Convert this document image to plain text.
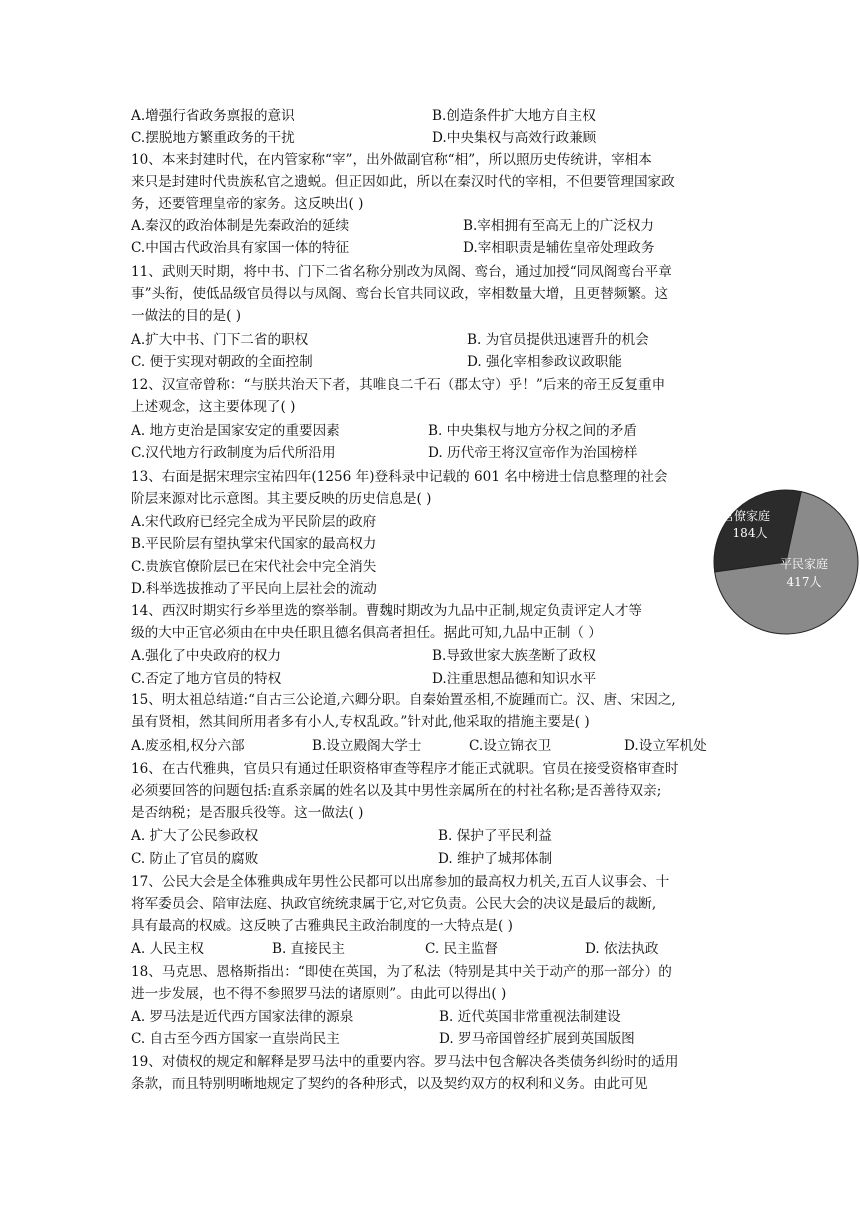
A.增强行省政务禀报的意识	B.创造条件扩大地方自主权
C.摆脱地方繁重政务的干扰	D.中央集权与高效行政兼顾
10、本来封建时代，在内管家称“宰”，出外做副官称“相”，所以照历史传统讲，宰相本
来只是封建时代贵族私官之遗蜕。但正因如此，所以在秦汉时代的宰相，不但要管理国家政
务，还要管理皇帝的家务。这反映出( )
A.秦汉的政治体制是先秦政治的延续	B.宰相拥有至高无上的广泛权力
C.中国古代政治具有家国一体的特征	D.宰相职责是辅佐皇帝处理政务
11、武则天时期，将中书、门下二省名称分别改为凤阁、鸾台，通过加授“同凤阁鸾台平章
事”头衔，使低品级官员得以与凤阁、鸾台长官共同议政，宰相数量大增，且更替频繁。这
一做法的目的是( )
A.扩大中书、门下二省的职权	B. 为官员提供迅速晋升的机会
C. 便于实现对朝政的全面控制	D. 强化宰相参政议政职能
12、汉宣帝曾称：“与朕共治天下者，其唯良二千石（郡太守）乎！”后来的帝王反复重申
上述观念，这主要体现了( )
A. 地方吏治是国家安定的重要因素	B. 中央集权与地方分权之间的矛盾
C.汉代地方行政制度为后代所沿用	D. 历代帝王将汉宣帝作为治国榜样
13、右面是据宋理宗宝祐四年(1256 年)登科录中记载的 601 名中榜进士信息整理的社会
阶层来源对比示意图。其主要反映的历史信息是( )
A.宋代政府已经完全成为平民阶层的政府
B.平民阶层有望执掌宋代国家的最高权力
C.贵族官僚阶层已在宋代社会中完全消失
D.科举选拔推动了平民向上层社会的流动
官僚家庭
184人
平民家庭
417人
14、西汉时期实行乡举里选的察举制。曹魏时期改为九品中正制,规定负责评定人才等
级的大中正官必须由在中央任职且德名俱高者担任。据此可知,九品中正制（ ）
A.强化了中央政府的权力	B.导致世家大族垄断了政权
C.否定了地方官员的特权	D.注重思想品德和知识水平
15、明太祖总结道:“自古三公论道,六卿分职。自秦始置丞相,不旋踵而亡。汉、唐、宋因之,
虽有贤相，然其间所用者多有小人,专权乱政。”针对此,他采取的措施主要是( )
A.废丞相,权分六部	B.设立殿阁大学士	C.设立锦衣卫	D.设立军机处
16、在古代雅典，官员只有通过任职资格审查等程序才能正式就职。官员在接受资格审查时
必须要回答的问题包括:直系亲属的姓名以及其中男性亲属所在的村社名称;是否善待双亲;
是否纳税；是否服兵役等。这一做法( )
A. 扩大了公民参政权	B. 保护了平民利益
C. 防止了官员的腐败	D. 维护了城邦体制
17、公民大会是全体雅典成年男性公民都可以出席参加的最高权力机关,五百人议事会、十
将军委员会、陪审法庭、执政官统统隶属于它,对它负责。公民大会的决议是最后的裁断,
具有最高的权威。这反映了古雅典民主政治制度的一大特点是( )
A. 人民主权	B. 直接民主	C. 民主监督	D. 依法执政
18、马克思、恩格斯指出：“即使在英国，为了私法（特别是其中关于动产的那一部分）的
进一步发展，也不得不参照罗马法的诸原则”。由此可以得出( )
A. 罗马法是近代西方国家法律的源泉	B. 近代英国非常重视法制建设
C. 自古至今西方国家一直崇尚民主	D. 罗马帝国曾经扩展到英国版图
19、对债权的规定和解释是罗马法中的重要内容。罗马法中包含解决各类债务纠纷时的适用
条款，而且特别明晰地规定了契约的各种形式，以及契约双方的权利和义务。由此可见
